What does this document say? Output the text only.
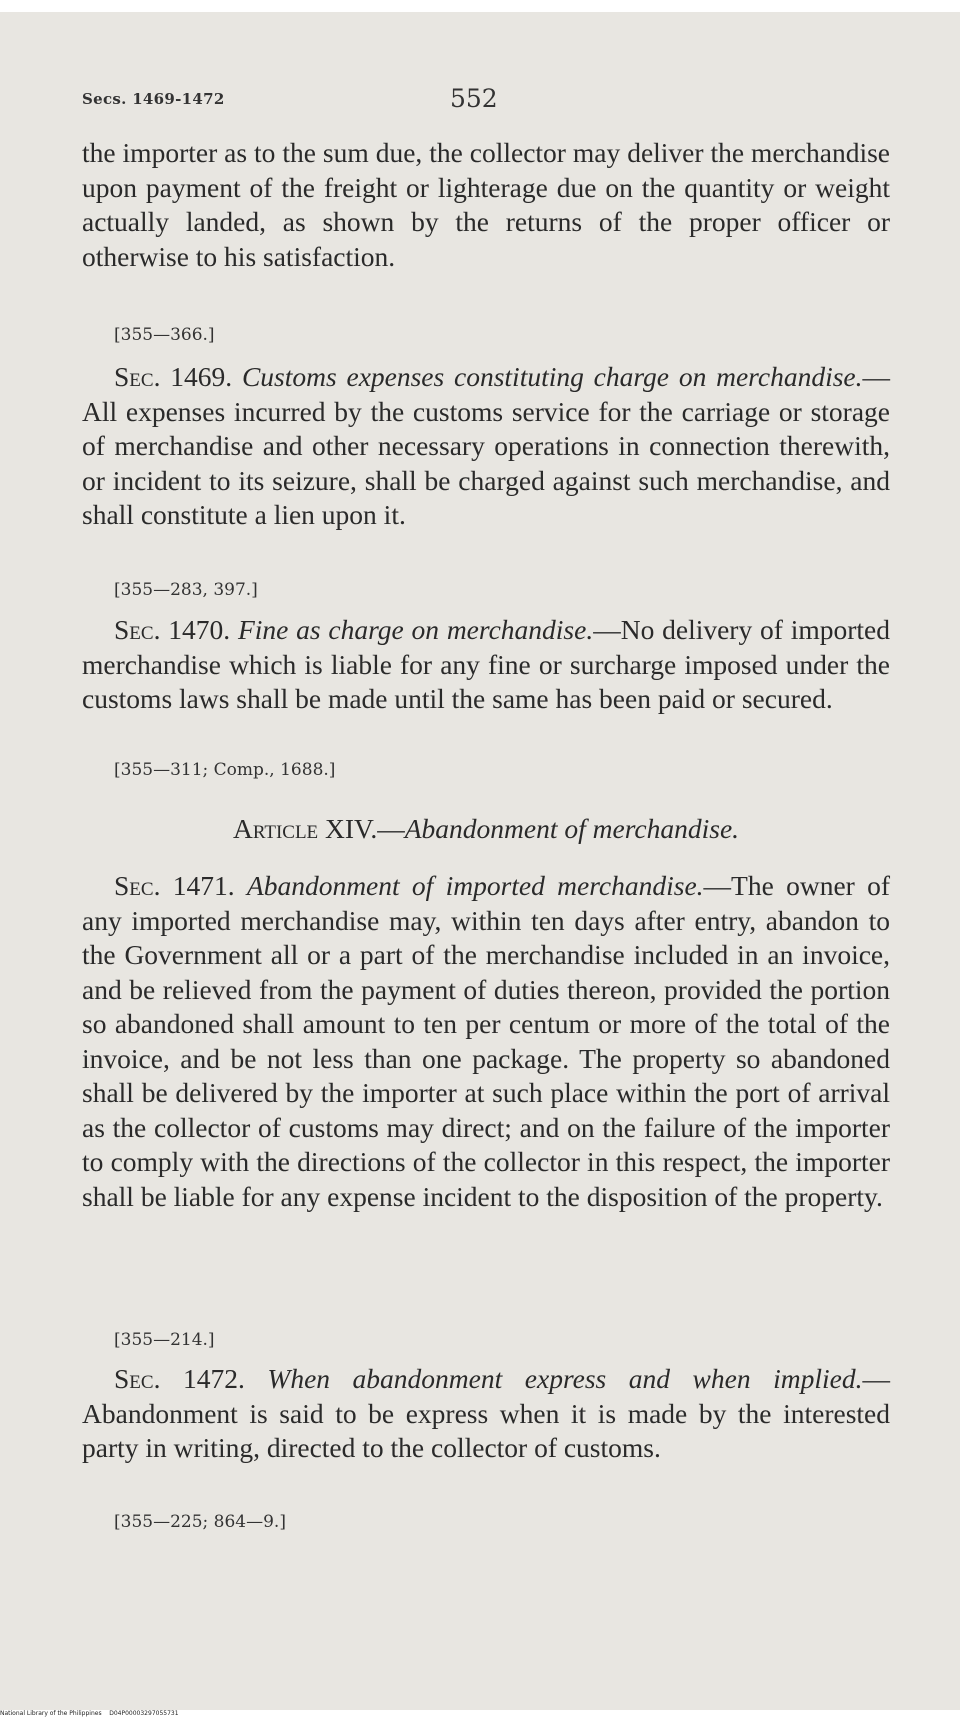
Secs. 1469-1472	552

the importer as to the sum due, the collector may deliver the merchandise upon payment of the freight or lighterage due on the quantity or weight actually landed, as shown by the returns of the proper officer or otherwise to his satisfaction.

[355—366.]

Sec. 1469. Customs expenses constituting charge on merchandise.—All expenses incurred by the customs service for the carriage or storage of merchandise and other necessary operations in connection therewith, or incident to its seizure, shall be charged against such merchandise, and shall constitute a lien upon it.

[355—283, 397.]

Sec. 1470. Fine as charge on merchandise.—No delivery of imported merchandise which is liable for any fine or surcharge imposed under the customs laws shall be made until the same has been paid or secured.

[355—311; Comp., 1688.]

Article XIV.—Abandonment of merchandise.

Sec. 1471. Abandonment of imported merchandise.—The owner of any imported merchandise may, within ten days after entry, abandon to the Government all or a part of the merchandise included in an invoice, and be relieved from the payment of duties thereon, provided the portion so abandoned shall amount to ten per centum or more of the total of the invoice, and be not less than one package. The property so abandoned shall be delivered by the importer at such place within the port of arrival as the collector of customs may direct; and on the failure of the importer to comply with the directions of the collector in this respect, the importer shall be liable for any expense incident to the disposition of the property.

[355—214.]

Sec. 1472. When abandonment express and when implied.—Abandonment is said to be express when it is made by the interested party in writing, directed to the collector of customs.

[355—225; 864—9.]

National Library of the Philippines D04P00003297055731
